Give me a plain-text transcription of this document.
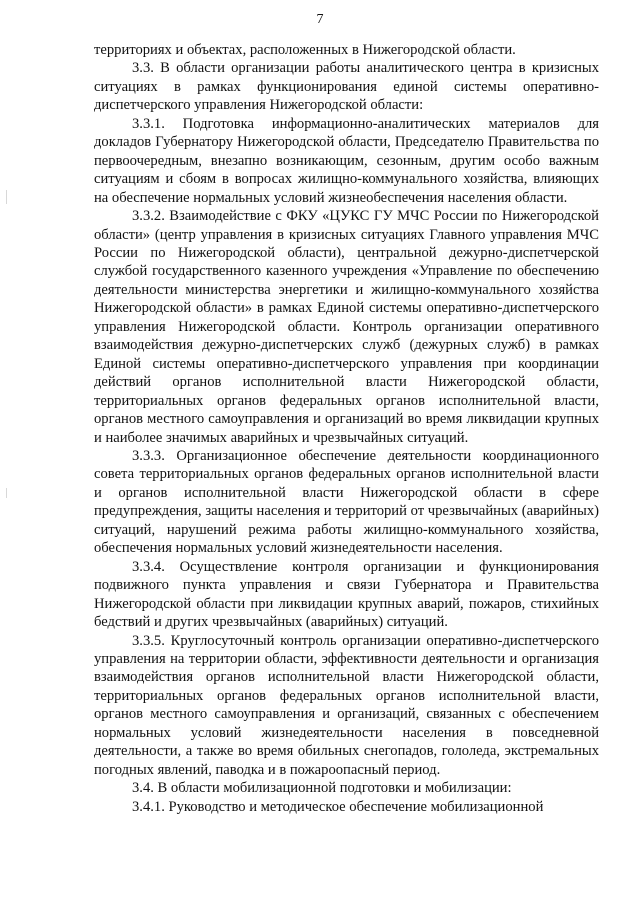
7

территориях и объектах, расположенных в Нижегородской области.

3.3. В области организации работы аналитического центра в кризисных ситуациях в рамках функционирования единой системы оперативно-диспетчерского управления Нижегородской области:

3.3.1. Подготовка информационно-аналитических материалов для докладов Губернатору Нижегородской области, Председателю Правительства по первоочередным, внезапно возникающим, сезонным, другим особо важным ситуациям и сбоям в вопросах жилищно-коммунального хозяйства, влияющих на обеспечение нормальных условий жизнеобеспечения населения области.

3.3.2. Взаимодействие с ФКУ «ЦУКС ГУ МЧС России по Нижегородской области» (центр управления в кризисных ситуациях Главного управления МЧС России по Нижегородской области), центральной дежурно-диспетчерской службой государственного казенного учреждения «Управление по обеспечению деятельности министерства энергетики и жилищно-коммунального хозяйства Нижегородской области» в рамках Единой системы оперативно-диспетчерского управления Нижегородской области. Контроль организации оперативного взаимодействия дежурно-диспетчерских служб (дежурных служб) в рамках Единой системы оперативно-диспетчерского управления при координации действий органов исполнительной власти Нижегородской области, территориальных органов федеральных органов исполнительной власти, органов местного самоуправления и организаций во время ликвидации крупных и наиболее значимых аварийных и чрезвычайных ситуаций.

3.3.3. Организационное обеспечение деятельности координационного совета территориальных органов федеральных органов исполнительной власти и органов исполнительной власти Нижегородской области в сфере предупреждения, защиты населения и территорий от чрезвычайных (аварийных) ситуаций, нарушений режима работы жилищно-коммунального хозяйства, обеспечения нормальных условий жизнедеятельности населения.

3.3.4. Осуществление контроля организации и функционирования подвижного пункта управления и связи Губернатора и Правительства Нижегородской области при ликвидации крупных аварий, пожаров, стихийных бедствий и других чрезвычайных (аварийных) ситуаций.

3.3.5. Круглосуточный контроль организации оперативно-диспетчерского управления на территории области, эффективности деятельности и организация взаимодействия органов исполнительной власти Нижегородской области, территориальных органов федеральных органов исполнительной власти, органов местного самоуправления и организаций, связанных с обеспечением нормальных условий жизнедеятельности населения в повседневной деятельности, а также во время обильных снегопадов, гололеда, экстремальных погодных явлений, паводка и в пожароопасный период.

3.4. В области мобилизационной подготовки и мобилизации:

3.4.1. Руководство и методическое обеспечение мобилизационной
